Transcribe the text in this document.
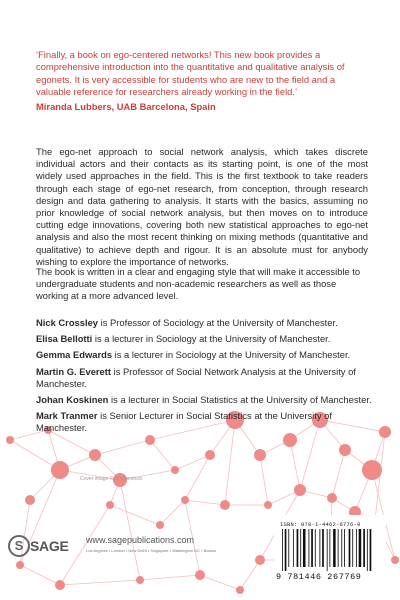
‘Finally, a book on ego-centered networks! This new book provides a comprehensive introduction into the quantitative and qualitative analysis of egonets. It is very accessible for students who are new to the field and a valuable reference for researchers already working in the field.’
Miranda Lubbers, UAB Barcelona, Spain
The ego-net approach to social network analysis, which takes discrete individual actors and their contacts as its starting point, is one of the most widely used approaches in the field. This is the first textbook to take readers through each stage of ego-net research, from conception, through research design and data gathering to analysis. It starts with the basics, assuming no prior knowledge of social network analysis, but then moves on to introduce cutting edge innovations, covering both new statistical approaches to ego-net analysis and also the most recent thinking on mixing methods (quantitative and qualitative) to achieve depth and rigour. It is an absolute must for anybody wishing to explore the importance of networks.
The book is written in a clear and engaging style that will make it accessible to undergraduate students and non-academic researchers as well as those working at a more advanced level.
Nick Crossley is Professor of Sociology at the University of Manchester.
Elisa Bellotti is a lecturer in Sociology at the University of Manchester.
Gemma Edwards is a lecturer in Sociology at the University of Manchester.
Martin G. Everett is Professor of Social Network Analysis at the University of Manchester.
Johan Koskinen is a lecturer in Social Statistics at the University of Manchester.
Mark Tranmer is Senior Lecturer in Social Statistics at the University of Manchester.
Cover image © Shutterstock
S SAGE www.sagepublications.com
Los Angeles • London • New Delhi • Singapore • Washington DC • Boston
ISBN: 978-1-4462-6776-9
9 781446 267769
